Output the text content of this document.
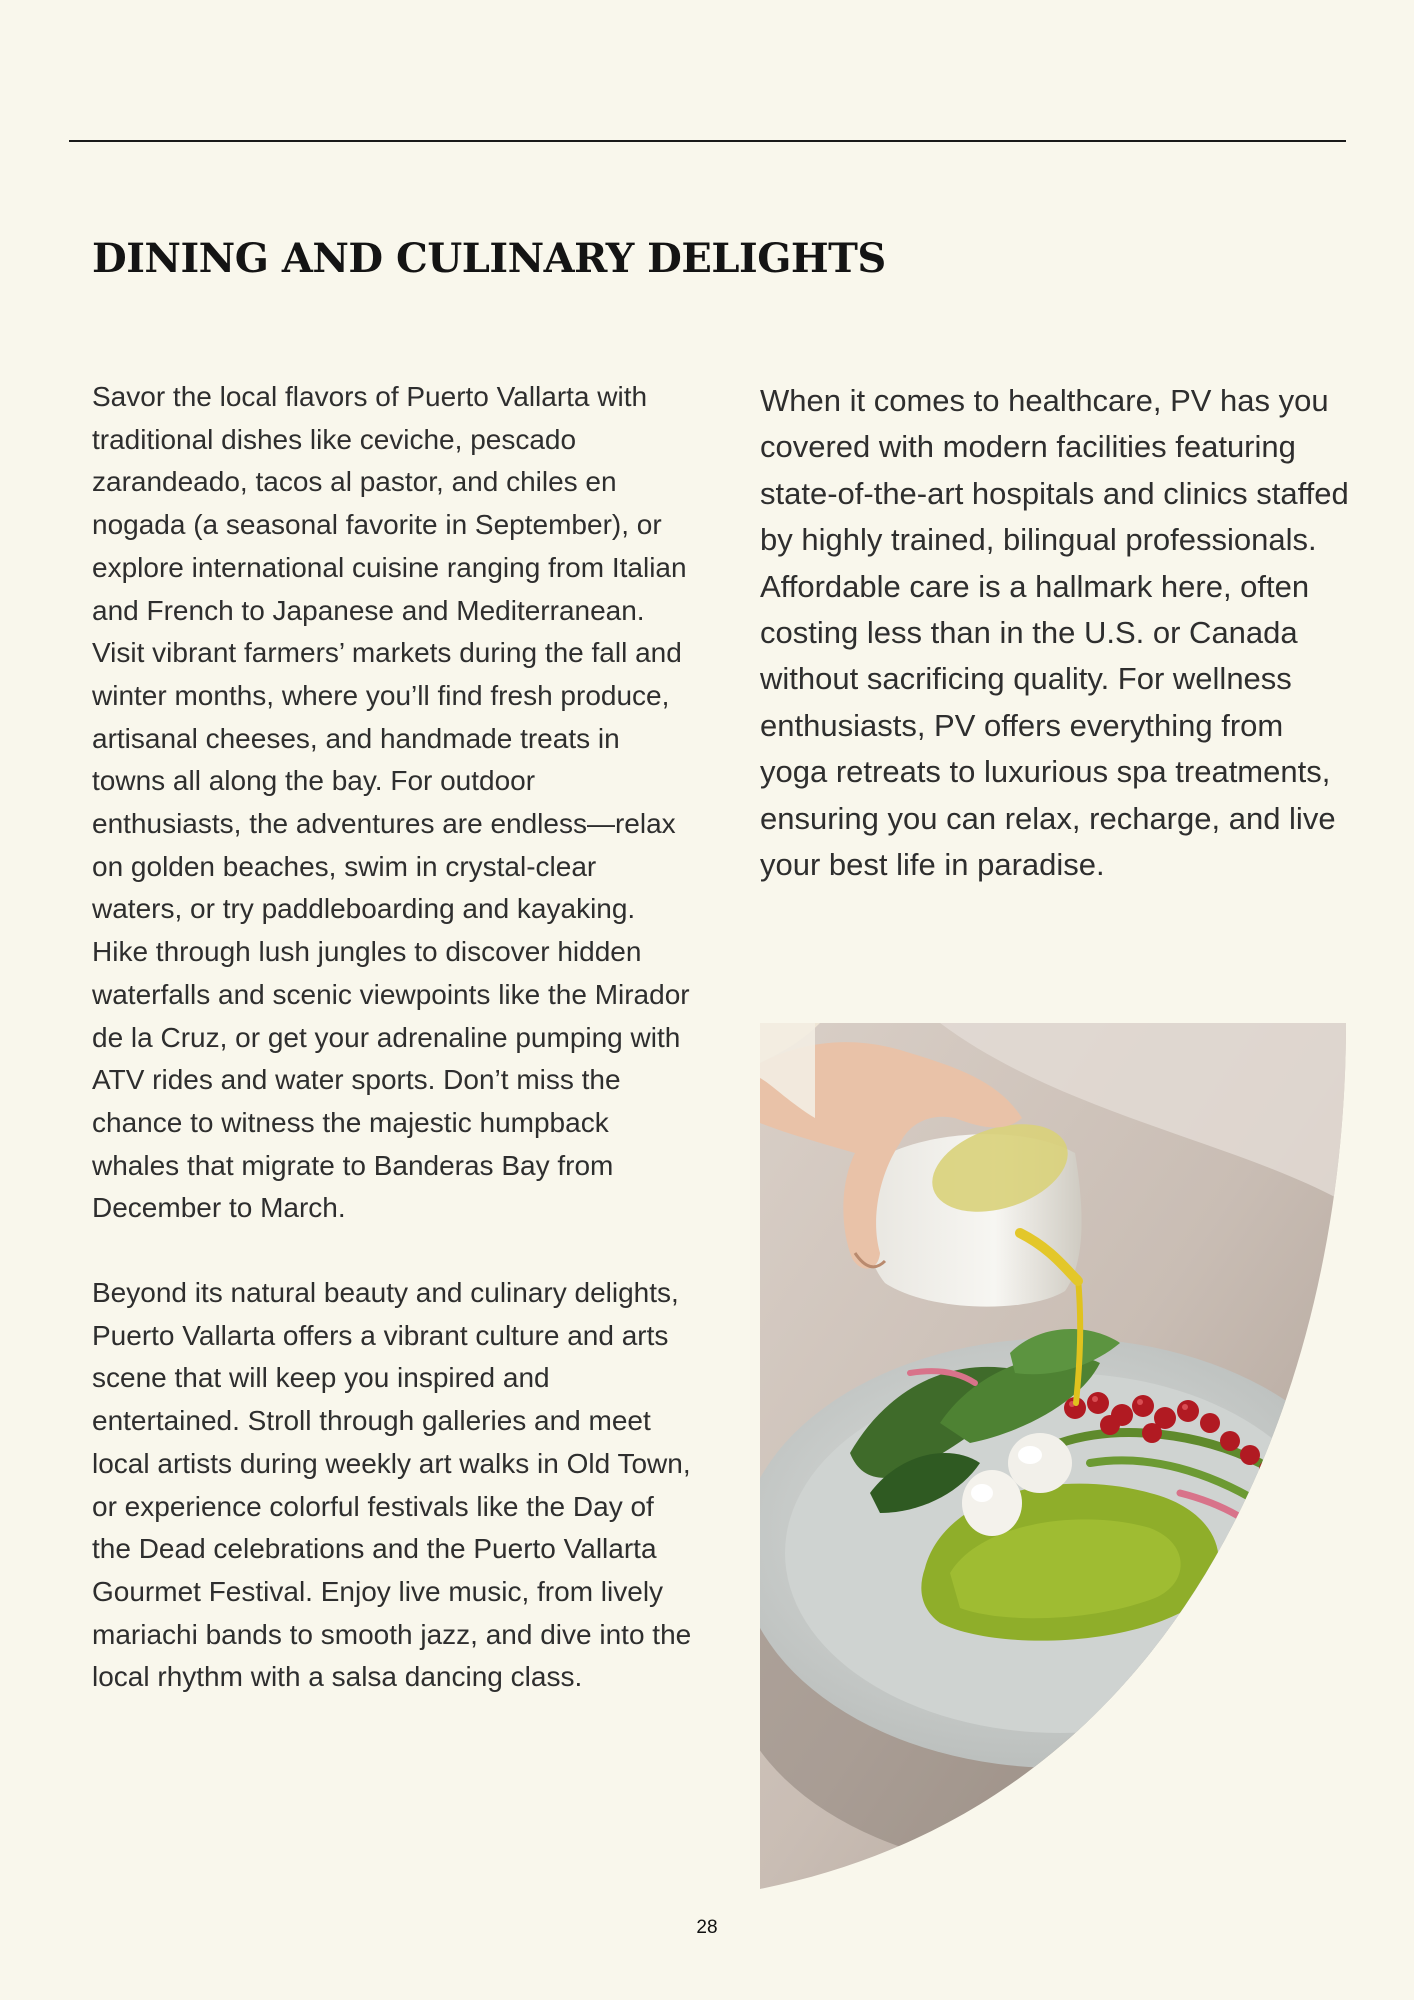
DINING AND CULINARY DELIGHTS

Savor the local flavors of Puerto Vallarta with traditional dishes like ceviche, pescado zarandeado, tacos al pastor, and chiles en nogada (a seasonal favorite in September), or explore international cuisine ranging from Italian and French to Japanese and Mediterranean. Visit vibrant farmers’ markets during the fall and winter months, where you’ll find fresh produce, artisanal cheeses, and handmade treats in towns all along the bay. For outdoor enthusiasts, the adventures are endless—relax on golden beaches, swim in crystal-clear waters, or try paddleboarding and kayaking. Hike through lush jungles to discover hidden waterfalls and scenic viewpoints like the Mirador de la Cruz, or get your adrenaline pumping with ATV rides and water sports. Don’t miss the chance to witness the majestic humpback whales that migrate to Banderas Bay from December to March.

Beyond its natural beauty and culinary delights, Puerto Vallarta offers a vibrant culture and arts scene that will keep you inspired and entertained. Stroll through galleries and meet local artists during weekly art walks in Old Town, or experience colorful festivals like the Day of the Dead celebrations and the Puerto Vallarta Gourmet Festival. Enjoy live music, from lively mariachi bands to smooth jazz, and dive into the local rhythm with a salsa dancing class.

When it comes to healthcare, PV has you covered with modern facilities featuring state-of-the-art hospitals and clinics staffed by highly trained, bilingual professionals. Affordable care is a hallmark here, often costing less than in the U.S. or Canada without sacrificing quality. For wellness enthusiasts, PV offers everything from yoga retreats to luxurious spa treatments, ensuring you can relax, recharge, and live your best life in paradise.

28
